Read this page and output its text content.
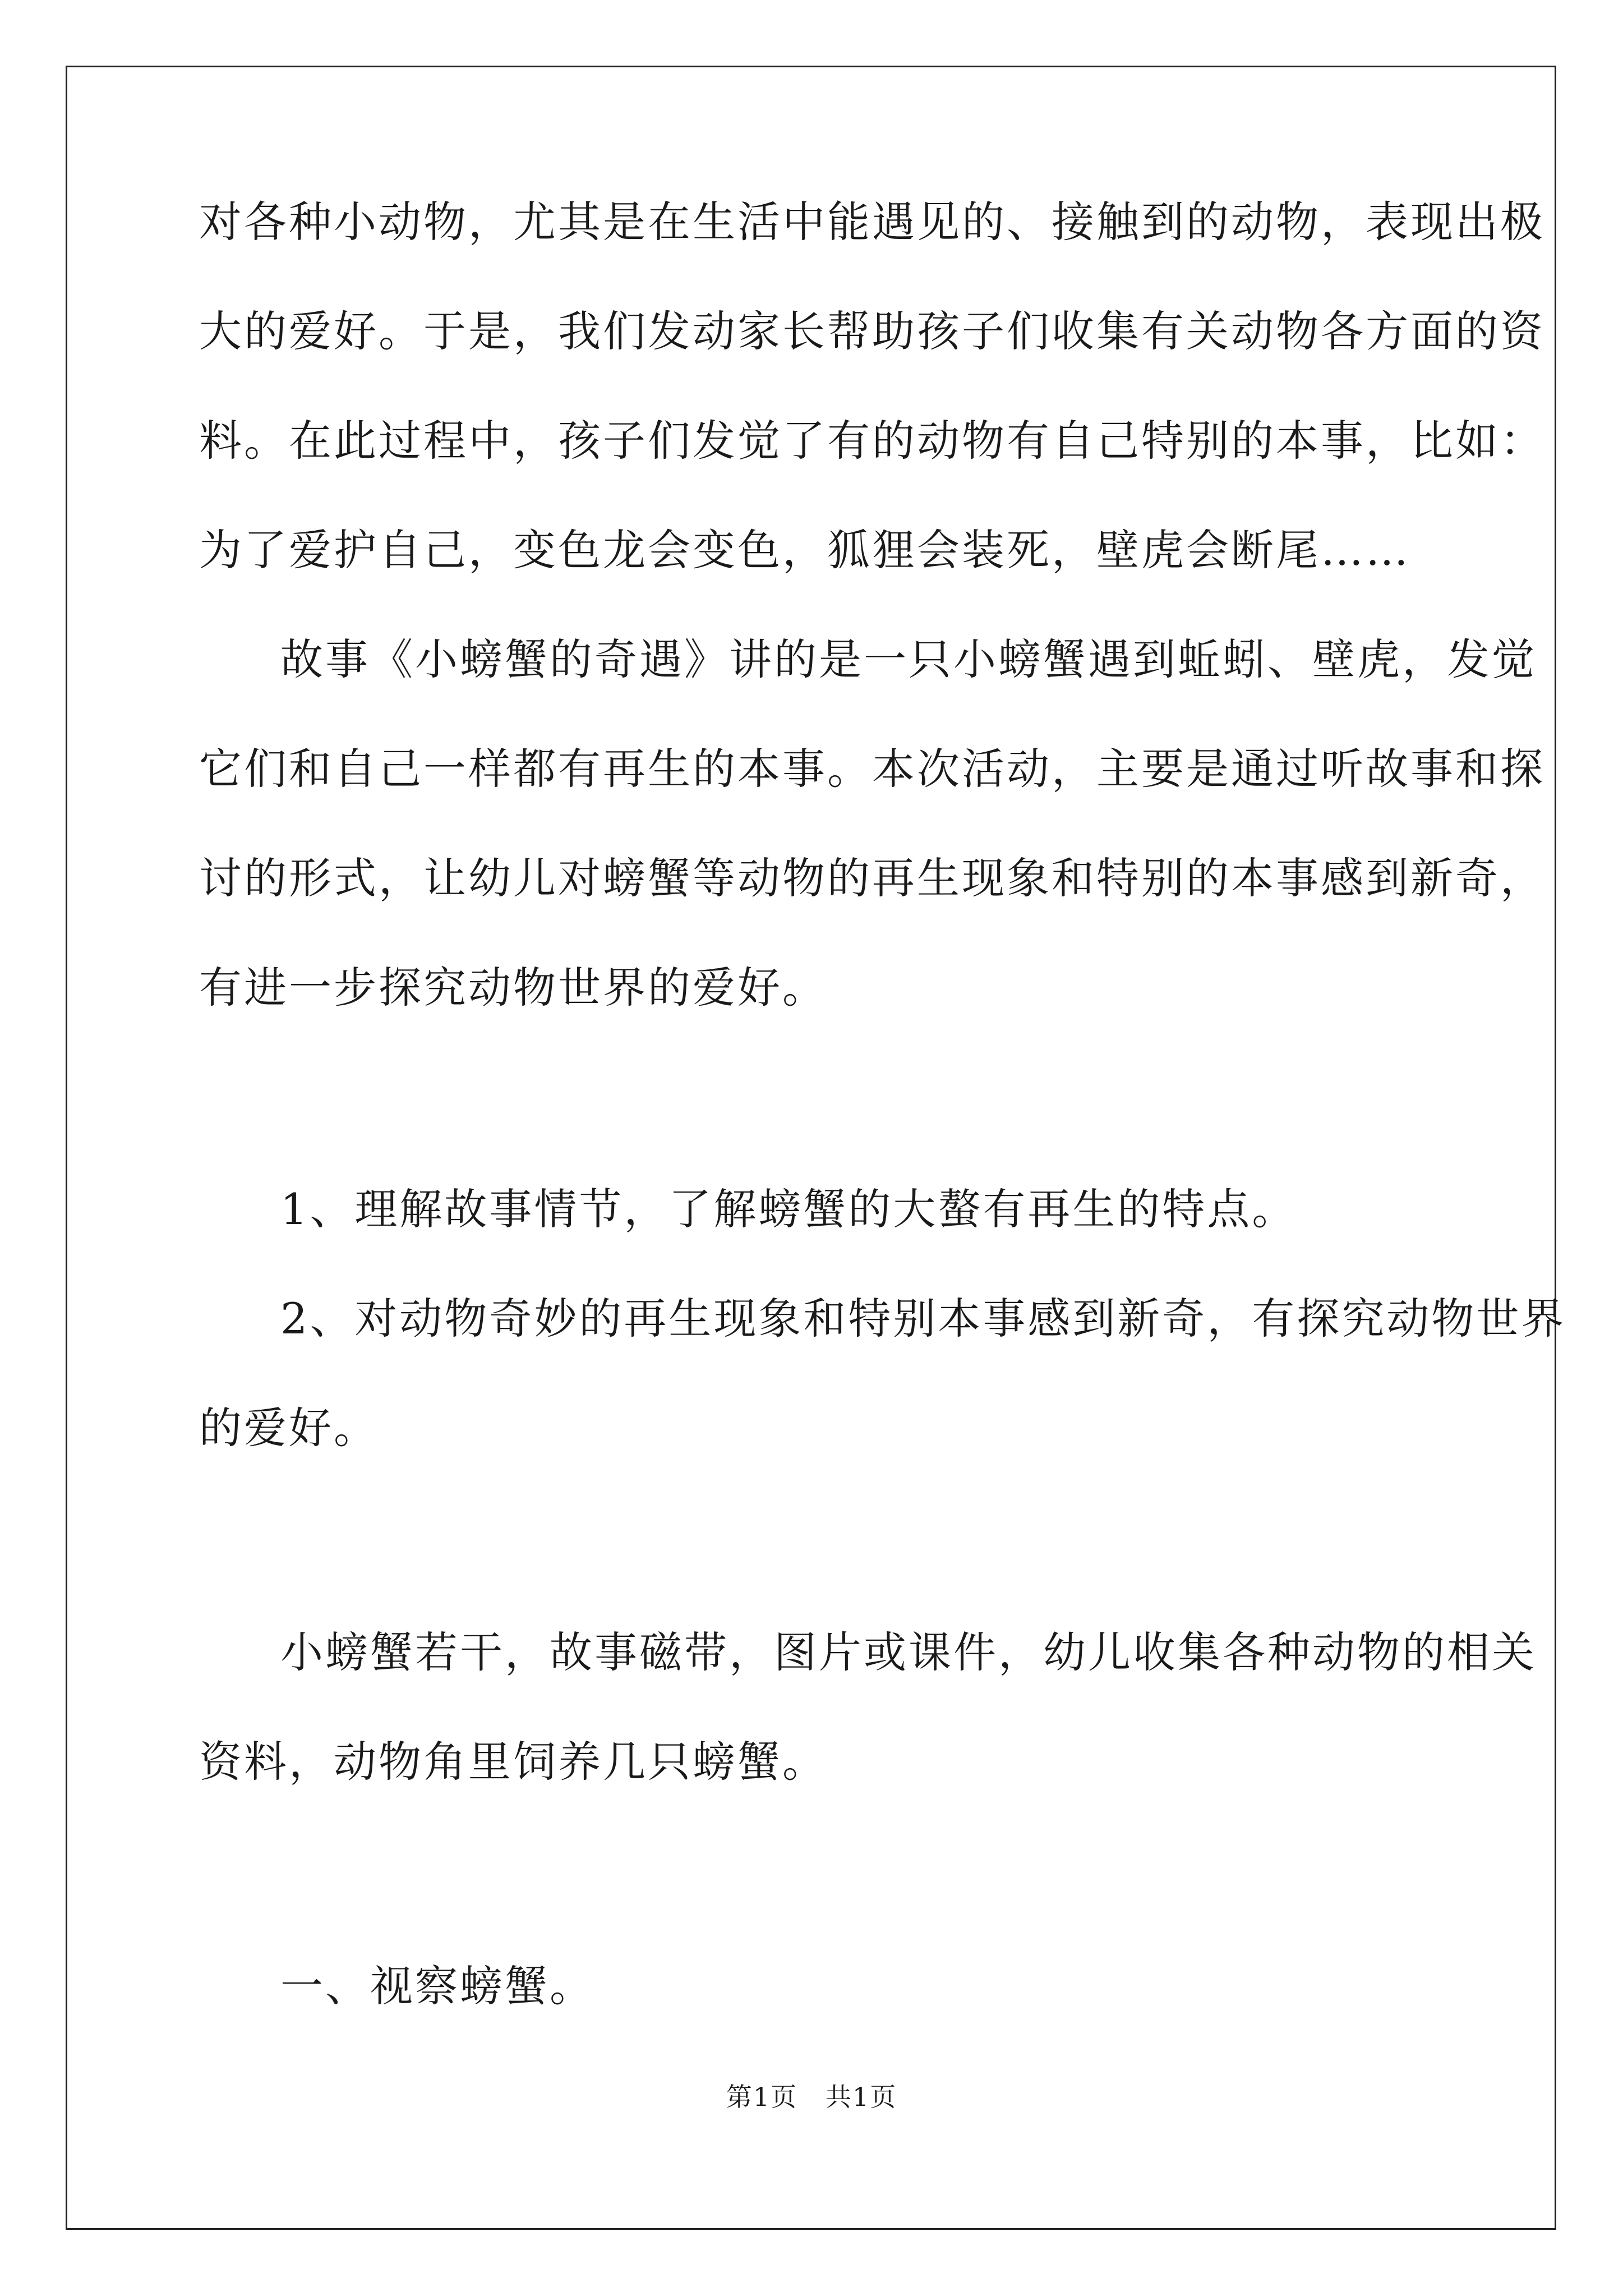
对各种小动物，尤其是在生活中能遇见的、接触到的动物，表现出极
大的爱好。于是，我们发动家长帮助孩子们收集有关动物各方面的资
料。在此过程中，孩子们发觉了有的动物有自己特别的本事，比如：
为了爱护自己，变色龙会变色，狐狸会装死，壁虎会断尾……
故事《小螃蟹的奇遇》讲的是一只小螃蟹遇到蚯蚓、壁虎，发觉
它们和自己一样都有再生的本事。本次活动，主要是通过听故事和探
讨的形式，让幼儿对螃蟹等动物的再生现象和特别的本事感到新奇，
有进一步探究动物世界的爱好。
1、理解故事情节，了解螃蟹的大螯有再生的特点。
2、对动物奇妙的再生现象和特别本事感到新奇，有探究动物世界
的爱好。
小螃蟹若干，故事磁带，图片或课件，幼儿收集各种动物的相关
资料，动物角里饲养几只螃蟹。
一、视察螃蟹。
第1页   共1页
